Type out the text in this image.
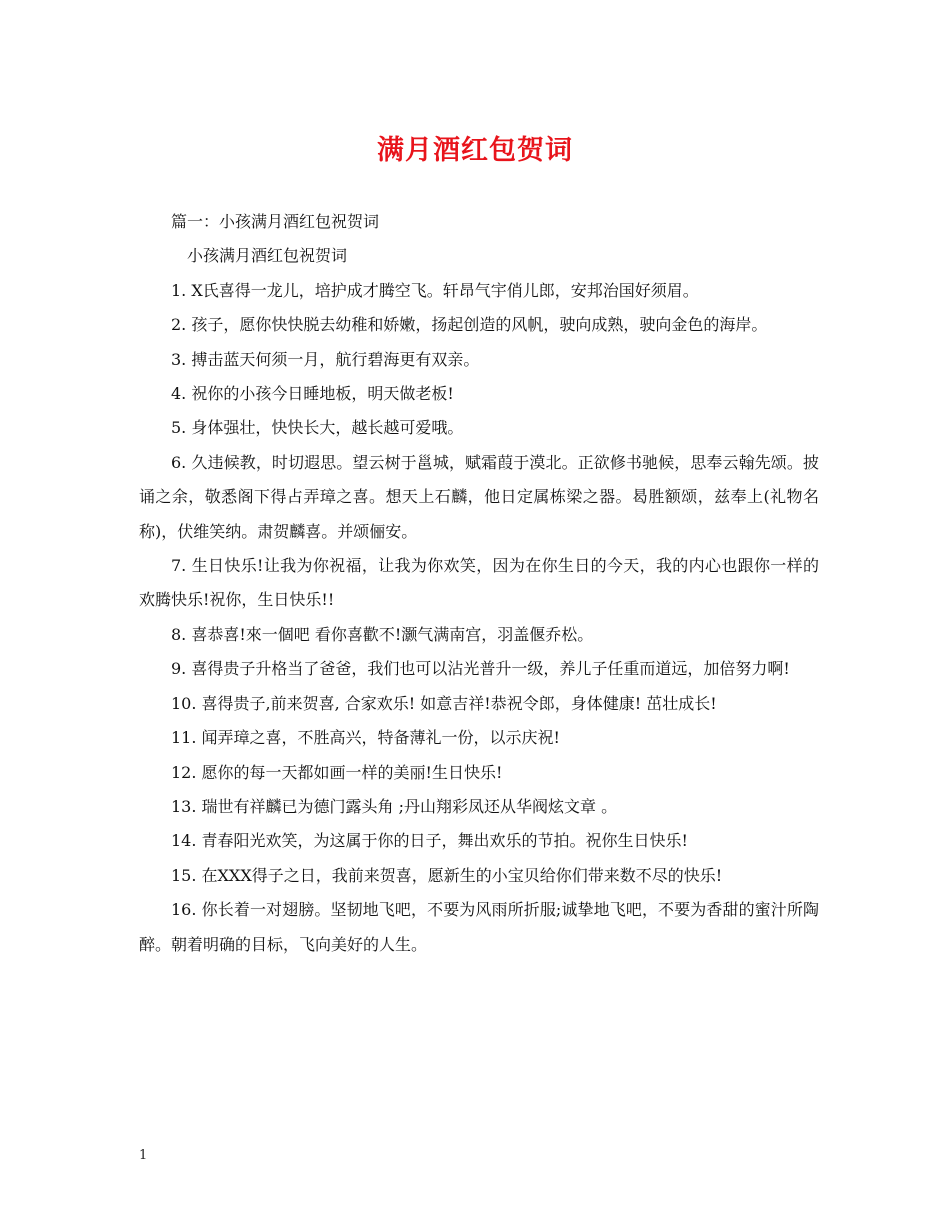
满月酒红包贺词

篇一：小孩满月酒红包祝贺词

小孩满月酒红包祝贺词

1. X氏喜得一龙儿，培护成才腾空飞。轩昂气宇俏儿郎，安邦治国好须眉。

2. 孩子，愿你快快脱去幼稚和娇嫩，扬起创造的风帆，驶向成熟，驶向金色的海岸。

3. 搏击蓝天何须一月，航行碧海更有双亲。

4. 祝你的小孩今日睡地板，明天做老板!

5. 身体强壮，快快长大，越长越可爱哦。

6. 久违候教，时切遐思。望云树于邕城，赋霜葭于漠北。正欲修书驰候，思奉云翰先颂。披诵之余，敬悉阁下得占弄璋之喜。想天上石麟，他日定属栋梁之器。曷胜额颂，兹奉上(礼物名称)，伏维笑纳。肃贺麟喜。并颂俪安。

7. 生日快乐!让我为你祝福，让我为你欢笑，因为在你生日的今天，我的内心也跟你一样的欢腾快乐!祝你，生日快乐!!

8. 喜恭喜!來一個吧 看你喜歡不!灏气满南宫，羽盖偃乔松。

9. 喜得贵子升格当了爸爸，我们也可以沾光普升一级，养儿子任重而道远，加倍努力啊!

10. 喜得贵子,前来贺喜, 合家欢乐! 如意吉祥!恭祝令郎，身体健康! 茁壮成长!

11. 闻弄璋之喜，不胜高兴，特备薄礼一份，以示庆祝!

12. 愿你的每一天都如画一样的美丽!生日快乐!

13. 瑞世有祥麟已为德门露头角 ;丹山翔彩凤还从华阀炫文章 。

14. 青春阳光欢笑，为这属于你的日子，舞出欢乐的节拍。祝你生日快乐!

15. 在XXX得子之日，我前来贺喜，愿新生的小宝贝给你们带来数不尽的快乐!

16. 你长着一对翅膀。坚韧地飞吧，不要为风雨所折服;诚挚地飞吧，不要为香甜的蜜汁所陶醉。朝着明确的目标，飞向美好的人生。

1
